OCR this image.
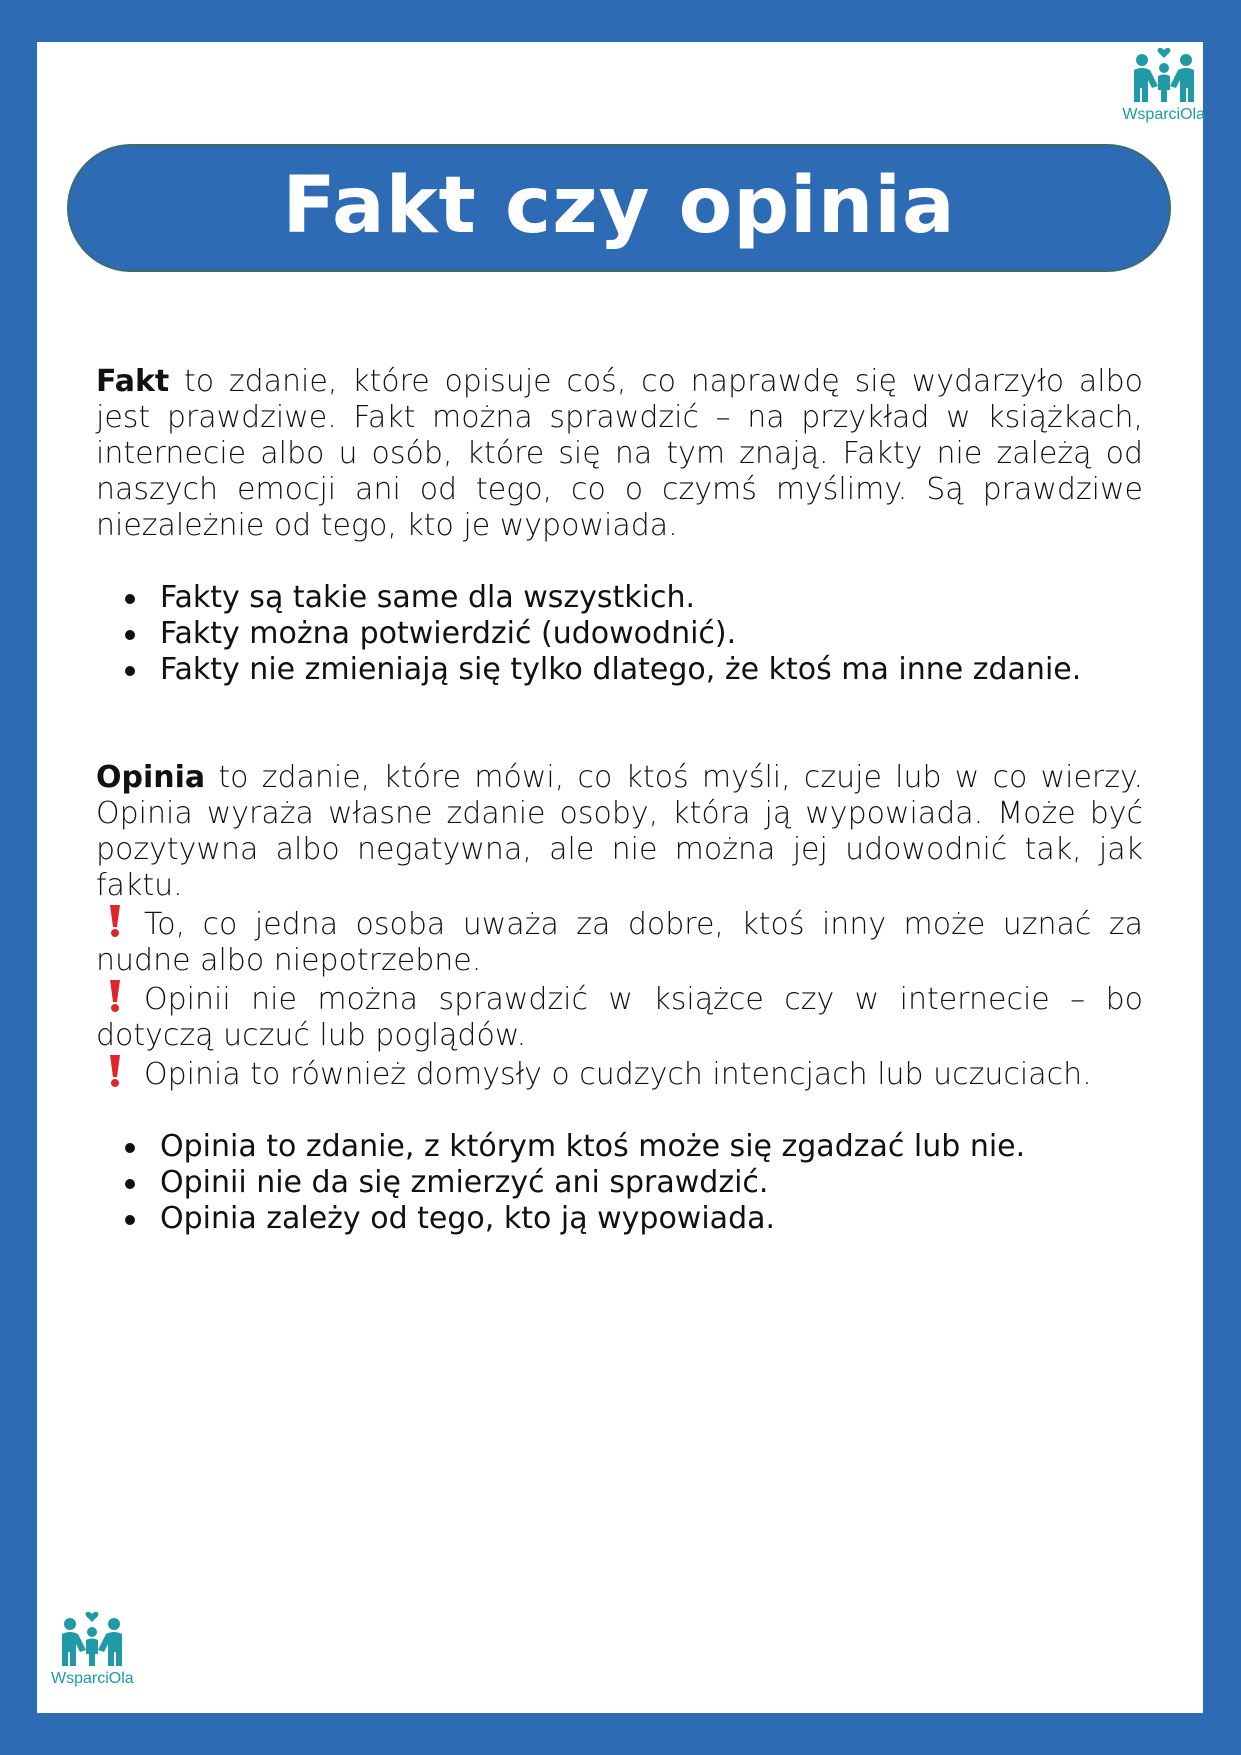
WsparciOla
Fakt czy opinia

Fakt to zdanie, które opisuje coś, co naprawdę się wydarzyło albo jest prawdziwe. Fakt można sprawdzić – na przykład w książkach, internecie albo u osób, które się na tym znają. Fakty nie zależą od naszych emocji ani od tego, co o czymś myślimy. Są prawdziwe niezależnie od tego, kto je wypowiada.

Fakty są takie same dla wszystkich.
Fakty można potwierdzić (udowodnić).
Fakty nie zmieniają się tylko dlatego, że ktoś ma inne zdanie.

Opinia to zdanie, które mówi, co ktoś myśli, czuje lub w co wierzy. Opinia wyraża własne zdanie osoby, która ją wypowiada. Może być pozytywna albo negatywna, ale nie można jej udowodnić tak, jak faktu.

To, co jedna osoba uważa za dobre, ktoś inny może uznać za nudne albo niepotrzebne.

Opinii nie można sprawdzić w książce czy w internecie – bo dotyczą uczuć lub poglądów.

Opinia to również domysły o cudzych intencjach lub uczuciach.

Opinia to zdanie, z którym ktoś może się zgadzać lub nie.
Opinii nie da się zmierzyć ani sprawdzić.
Opinia zależy od tego, kto ją wypowiada.
WsparciOla
